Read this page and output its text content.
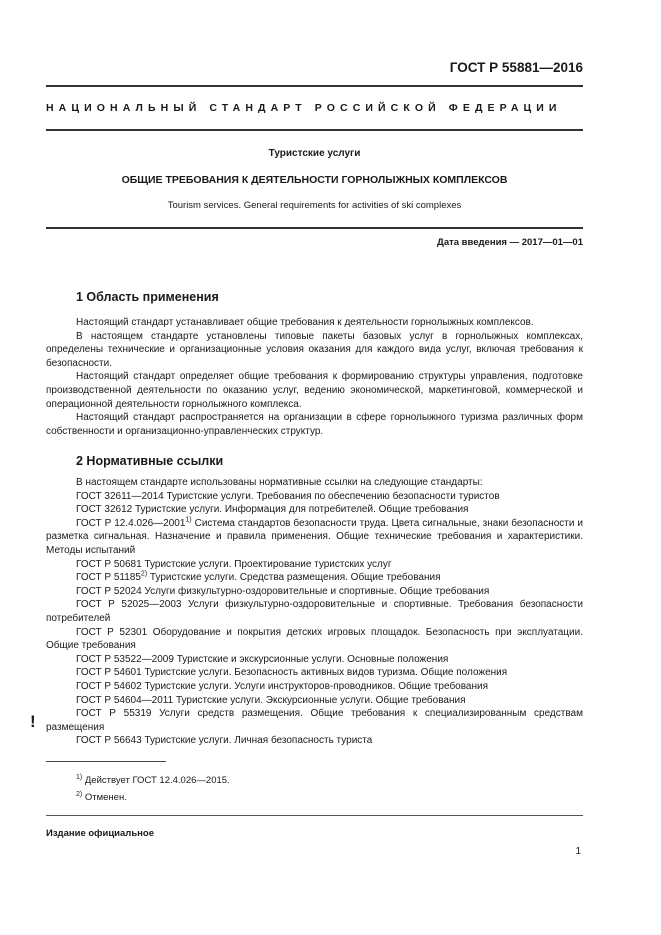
ГОСТ Р 55881—2016
НАЦИОНАЛЬНЫЙ СТАНДАРТ РОССИЙСКОЙ ФЕДЕРАЦИИ
Туристские услуги
ОБЩИЕ ТРЕБОВАНИЯ К ДЕЯТЕЛЬНОСТИ ГОРНОЛЫЖНЫХ КОМПЛЕКСОВ
Tourism services. General requirements for activities of ski complexes
Дата введения — 2017—01—01
1 Область применения

Настоящий стандарт устанавливает общие требования к деятельности горнолыжных комплексов.

В настоящем стандарте установлены типовые пакеты базовых услуг в горнолыжных комплексах, определены технические и организационные условия оказания для каждого вида услуг, включая требования к безопасности.

Настоящий стандарт определяет общие требования к формированию структуры управления, подготовке производственной деятельности по оказанию услуг, ведению экономической, маркетинговой, коммерческой и операционной деятельности горнолыжного комплекса.

Настоящий стандарт распространяется на организации в сфере горнолыжного туризма различных форм собственности и организационно-управленческих структур.

2 Нормативные ссылки

В настоящем стандарте использованы нормативные ссылки на следующие стандарты:

ГОСТ 32611—2014 Туристские услуги. Требования по обеспечению безопасности туристов

ГОСТ 32612 Туристские услуги. Информация для потребителей. Общие требования

ГОСТ Р 12.4.026—2001$^{1)}$ Система стандартов безопасности труда. Цвета сигнальные, знаки безопасности и разметка сигнальная. Назначение и правила применения. Общие технические требования и характеристики. Методы испытаний

ГОСТ Р 50681 Туристские услуги. Проектирование туристских услуг

ГОСТ Р 51185$^{2)}$ Туристские услуги. Средства размещения. Общие требования

ГОСТ Р 52024 Услуги физкультурно-оздоровительные и спортивные. Общие требования

ГОСТ Р 52025—2003 Услуги физкультурно-оздоровительные и спортивные. Требования безопасности потребителей

ГОСТ Р 52301 Оборудование и покрытия детских игровых площадок. Безопасность при эксплуатации. Общие требования

ГОСТ Р 53522—2009 Туристские и экскурсионные услуги. Основные положения

ГОСТ Р 54601 Туристские услуги. Безопасность активных видов туризма. Общие положения

ГОСТ Р 54602 Туристские услуги. Услуги инструкторов-проводников. Общие требования

ГОСТ Р 54604—2011 Туристские услуги. Экскурсионные услуги. Общие требования

ГОСТ Р 55319 Услуги средств размещения. Общие требования к специализированным средствам размещения

ГОСТ Р 56643 Туристские услуги. Личная безопасность туриста

!
$^{1)}$ Действует ГОСТ 12.4.026—2015.
$^{2)}$ Отменен.
Издание официальное
1
